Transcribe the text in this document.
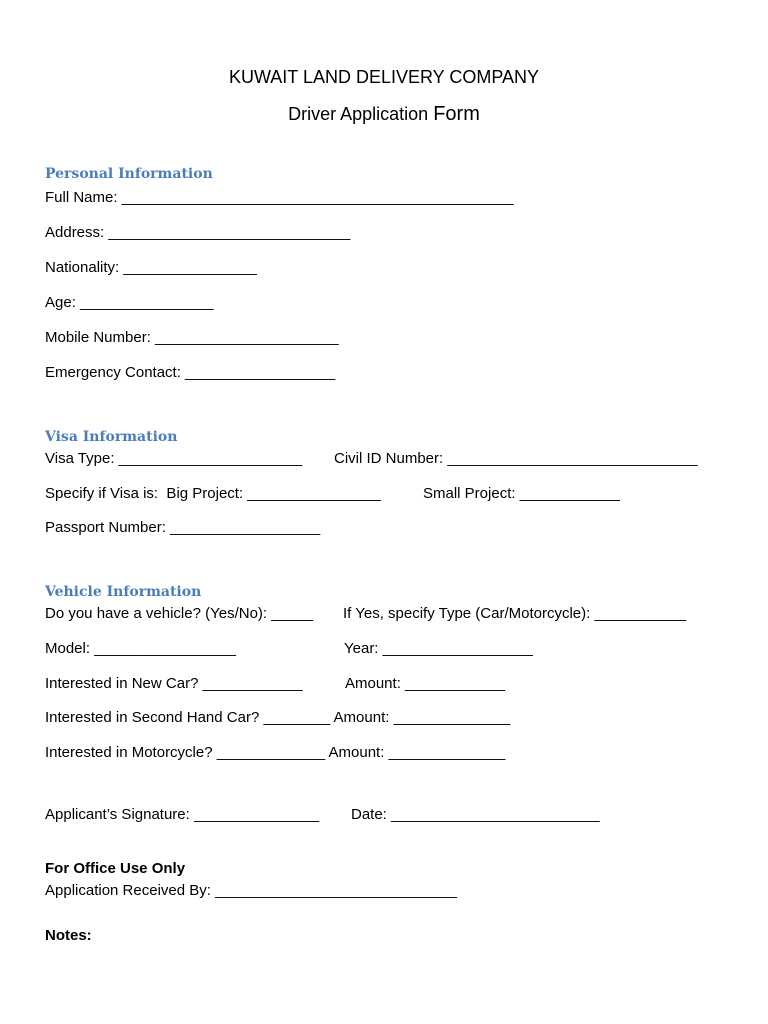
KUWAIT LAND DELIVERY COMPANY
Driver Application Form
Personal Information
Full Name: _______________________________________________
Address: _____________________________
Nationality: ________________
Age: ________________
Mobile Number: ______________________
Emergency Contact: __________________
Visa Information
Visa Type: ______________________ Civil ID Number: ______________________________
Specify if Visa is:  Big Project: ________________	Small Project: ____________
Passport Number: __________________
Vehicle Information
Do you have a vehicle? (Yes/No): _____ If Yes, specify Type (Car/Motorcycle): ___________
Model: _________________	Year: __________________
Interested in New Car? ____________	Amount: ____________
Interested in Second Hand Car? ________ Amount: ______________
Interested in Motorcycle? _____________ Amount: ______________
Applicant’s Signature: _______________ Date: _________________________
For Office Use Only
Application Received By: _____________________________
Notes:
